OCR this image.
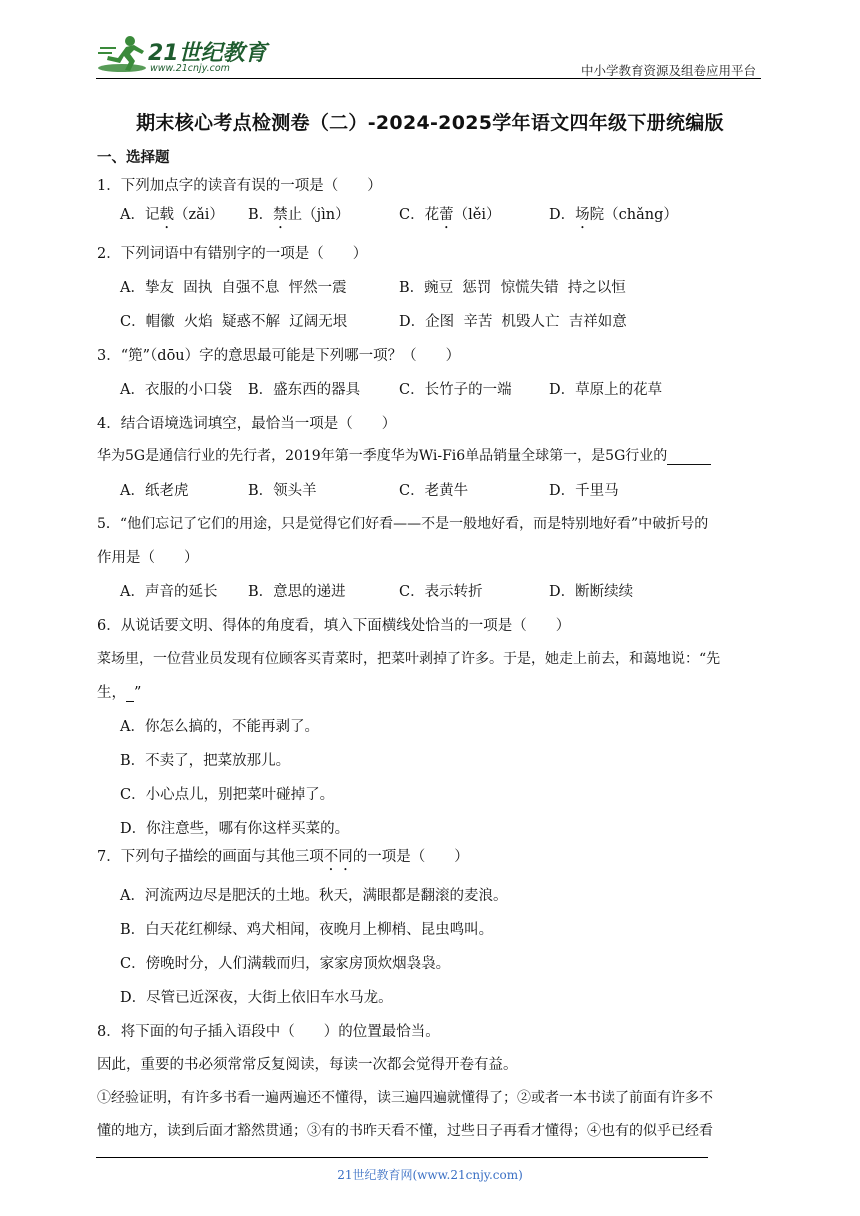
21世纪教育
www.21cnjy.com	中小学教育资源及组卷应用平台
期末核心考点检测卷（二）-2024-2025学年语文四年级下册统编版
一、选择题
1．下列加点字的读音有误的一项是（　　）
A．记载（zǎi） B．禁止（jìn）	C．花蕾（lěi）	D．场院（chǎng）
2．下列词语中有错别字的一项是（　　）
A．挚友  固执  自强不息  怦然一震	B．豌豆  惩罚  惊慌失错  持之以恒
C．帽徽  火焰  疑惑不解  辽阔无垠	D．企图  辛苦  机毁人亡  吉祥如意
3．“篼”（dōu）字的意思最可能是下列哪一项？（　　）
A．衣服的小口袋 B．盛东西的器具	C．长竹子的一端	D．草原上的花草
4．结合语境选词填空，最恰当一项是（　　）
华为5G是通信行业的先行者，2019年第一季度华为Wi-Fi6单品销量全球第一，是5G行业的
A．纸老虎	B．领头羊	C．老黄牛	D．千里马
5．“他们忘记了它们的用途，只是觉得它们好看——不是一般地好看，而是特别地好看”中破折号的
作用是（　　）
A．声音的延长 B．意思的递进	C．表示转折	D．断断续续
6．从说话要文明、得体的角度看，填入下面横线处恰当的一项是（　　）
菜场里，一位营业员发现有位顾客买青菜时，把菜叶剥掉了许多。于是，她走上前去，和蔼地说：“先
生， ”
A．你怎么搞的，不能再剥了。
B．不卖了，把菜放那儿。
C．小心点儿，别把菜叶碰掉了。
D．你注意些，哪有你这样买菜的。
7．下列句子描绘的画面与其他三项不同的一项是（　　）
A．河流两边尽是肥沃的土地。秋天，满眼都是翻滚的麦浪。
B．白天花红柳绿、鸡犬相闻，夜晚月上柳梢、昆虫鸣叫。
C．傍晚时分，人们满载而归，家家房顶炊烟袅袅。
D．尽管已近深夜，大街上依旧车水马龙。
8．将下面的句子插入语段中（　　）的位置最恰当。
因此，重要的书必须常常反复阅读，每读一次都会觉得开卷有益。
①经验证明，有许多书看一遍两遍还不懂得，读三遍四遍就懂得了；②或者一本书读了前面有许多不
懂的地方，读到后面才豁然贯通；③有的书昨天看不懂，过些日子再看才懂得；④也有的似乎已经看
21世纪教育网(www.21cnjy.com)
